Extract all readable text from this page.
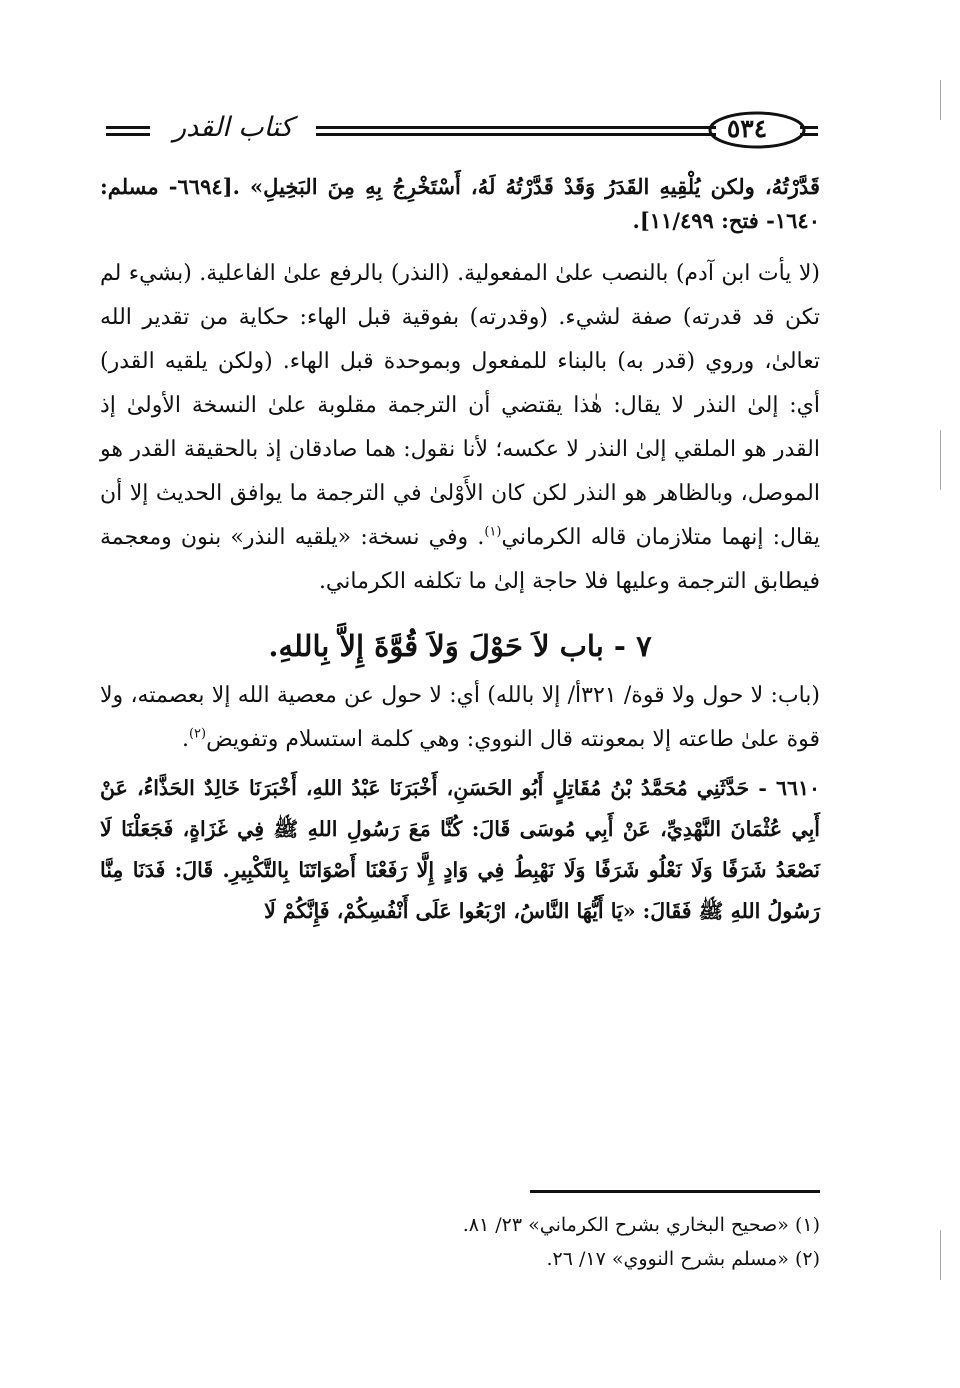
كتاب القدر	٥٣٤

قَدَّرْتُهُ، ولكن يُلْقِيهِ القَدَرُ وَقَدْ قَدَّرْتُهُ لَهُ، أَسْتَخْرِجُ بِهِ مِنَ البَخِيلِ» .[٦٦٩٤- مسلم: ١٦٤٠- فتح: ١١/٤٩٩].

(لا يأت ابن آدم) بالنصب علىٰ المفعولية. (النذر) بالرفع علىٰ الفاعلية. (بشيء لم تكن قد قدرته) صفة لشيء. (وقدرته) بفوقية قبل الهاء: حكاية من تقدير الله تعالىٰ، وروي (قدر به) بالبناء للمفعول وبموحدة قبل الهاء. (ولكن يلقيه القدر) أي: إلىٰ النذر لا يقال: هٰذا يقتضي أن الترجمة مقلوبة علىٰ النسخة الأولىٰ إذ القدر هو الملقي إلىٰ النذر لا عكسه؛ لأنا نقول: هما صادقان إذ بالحقيقة القدر هو الموصل، وبالظاهر هو النذر لكن كان الأَوْلىٰ في الترجمة ما يوافق الحديث إلا أن يقال: إنهما متلازمان قاله الكرماني$^{(١)}$. وفي نسخة: «يلقيه النذر» بنون ومعجمة فيطابق الترجمة وعليها فلا حاجة إلىٰ ما تكلفه الكرماني.

٧ - باب لاَ حَوْلَ وَلاَ قُوَّةَ إِلاَّ بِاللهِ.

(باب: لا حول ولا قوة/ ٣٢١أ/ إلا بالله) أي: لا حول عن معصية الله إلا بعصمته، ولا قوة علىٰ طاعته إلا بمعونته قال النووي: وهي كلمة استسلام وتفويض$^{(٢)}$.

٦٦١٠ - حَدَّثَنِي مُحَمَّدُ بْنُ مُقَاتِلٍ أَبُو الحَسَنِ، أَخْبَرَنَا عَبْدُ اللهِ، أَخْبَرَنَا خَالِدٌ الحَذَّاءُ، عَنْ أَبِي عُثْمَانَ النَّهْدِيِّ، عَنْ أَبِي مُوسَى قَالَ: كُنَّا مَعَ رَسُولِ اللهِ ﷺ فِي غَزَاةٍ، فَجَعَلْنَا لَا نَصْعَدُ شَرَفًا وَلَا نَعْلُو شَرَفًا وَلَا نَهْبِطُ فِي وَادٍ إِلَّا رَفَعْنَا أَصْوَاتَنَا بِالتَّكْبِيرِ. قَالَ: فَدَنَا مِنَّا رَسُولُ اللهِ ﷺ فَقَالَ: «يَا أَيُّهَا النَّاسُ، ارْبَعُوا عَلَى أَنْفُسِكُمْ، فَإِنَّكُمْ لَا

(١) «صحيح البخاري بشرح الكرماني» ٢٣/ ٨١.
(٢) «مسلم بشرح النووي» ١٧/ ٢٦.
